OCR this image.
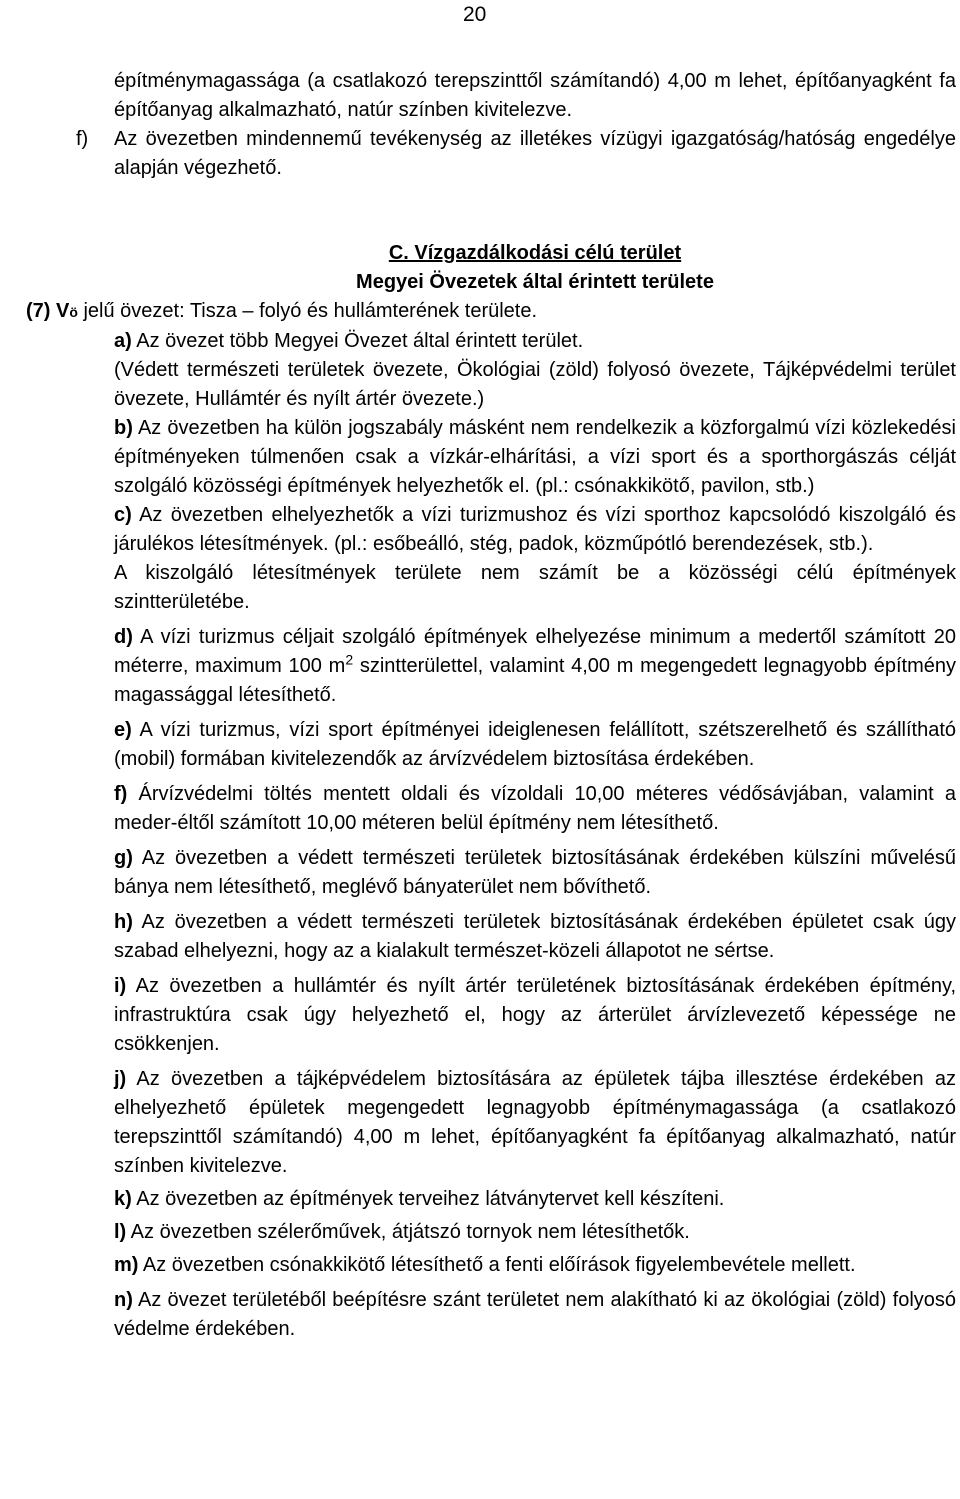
20

építménymagassága (a csatlakozó terepszinttől számítandó) 4,00 m lehet, építőanyagként fa építőanyag alkalmazható, natúr színben kivitelezve.

f) Az övezetben mindennemű tevékenység az illetékes vízügyi igazgatóság/hatóság engedélye alapján végezhető.

C. Vízgazdálkodási célú terület

Megyei Övezetek által érintett területe

(7) Vö jelű övezet: Tisza – folyó és hullámterének területe.

a) Az övezet több Megyei Övezet által érintett terület.

(Védett természeti területek övezete, Ökológiai (zöld) folyosó övezete, Tájképvédelmi terület övezete, Hullámtér és nyílt ártér övezete.)

b) Az övezetben ha külön jogszabály másként nem rendelkezik a közforgalmú vízi közlekedési építményeken túlmenően csak a vízkár-elhárítási, a vízi sport és a sporthorgászás célját szolgáló közösségi építmények helyezhetők el. (pl.: csónakkikötő, pavilon, stb.)

c) Az övezetben elhelyezhetők a vízi turizmushoz és vízi sporthoz kapcsolódó kiszolgáló és járulékos létesítmények. (pl.: esőbeálló, stég, padok, közműpótló berendezések, stb.).

A kiszolgáló létesítmények területe nem számít be a közösségi célú építmények szintterületébe.

d) A vízi turizmus céljait szolgáló építmények elhelyezése minimum a medertől számított 20 méterre, maximum 100 $m^2$ szintterülettel, valamint 4,00 m megengedett legnagyobb építmény magassággal létesíthető.

e) A vízi turizmus, vízi sport építményei ideiglenesen felállított, szétszerelhető és szállítható (mobil) formában kivitelezendők az árvízvédelem biztosítása érdekében.

f) Árvízvédelmi töltés mentett oldali és vízoldali 10,00 méteres védősávjában, valamint a meder-éltől számított 10,00 méteren belül építmény nem létesíthető.

g) Az övezetben a védett természeti területek biztosításának érdekében külszíni művelésű bánya nem létesíthető, meglévő bányaterület nem bővíthető.

h) Az övezetben a védett természeti területek biztosításának érdekében épületet csak úgy szabad elhelyezni, hogy az a kialakult természet-közeli állapotot ne sértse.

i) Az övezetben a hullámtér és nyílt ártér területének biztosításának érdekében építmény, infrastruktúra csak úgy helyezhető el, hogy az árterület árvízlevezető képessége ne csökkenjen.

j) Az övezetben a tájképvédelem biztosítására az épületek tájba illesztése érdekében az elhelyezhető épületek megengedett legnagyobb építménymagassága (a csatlakozó terepszinttől számítandó) 4,00 m lehet, építőanyagként fa építőanyag alkalmazható, natúr színben kivitelezve.

k) Az övezetben az építmények terveihez látványtervet kell készíteni.

l) Az övezetben szélerőművek, átjátszó tornyok nem létesíthetők.

m) Az övezetben csónakkikötő létesíthető a fenti előírások figyelembevétele mellett.

n) Az övezet területéből beépítésre szánt területet nem alakítható ki az ökológiai (zöld) folyosó védelme érdekében.
